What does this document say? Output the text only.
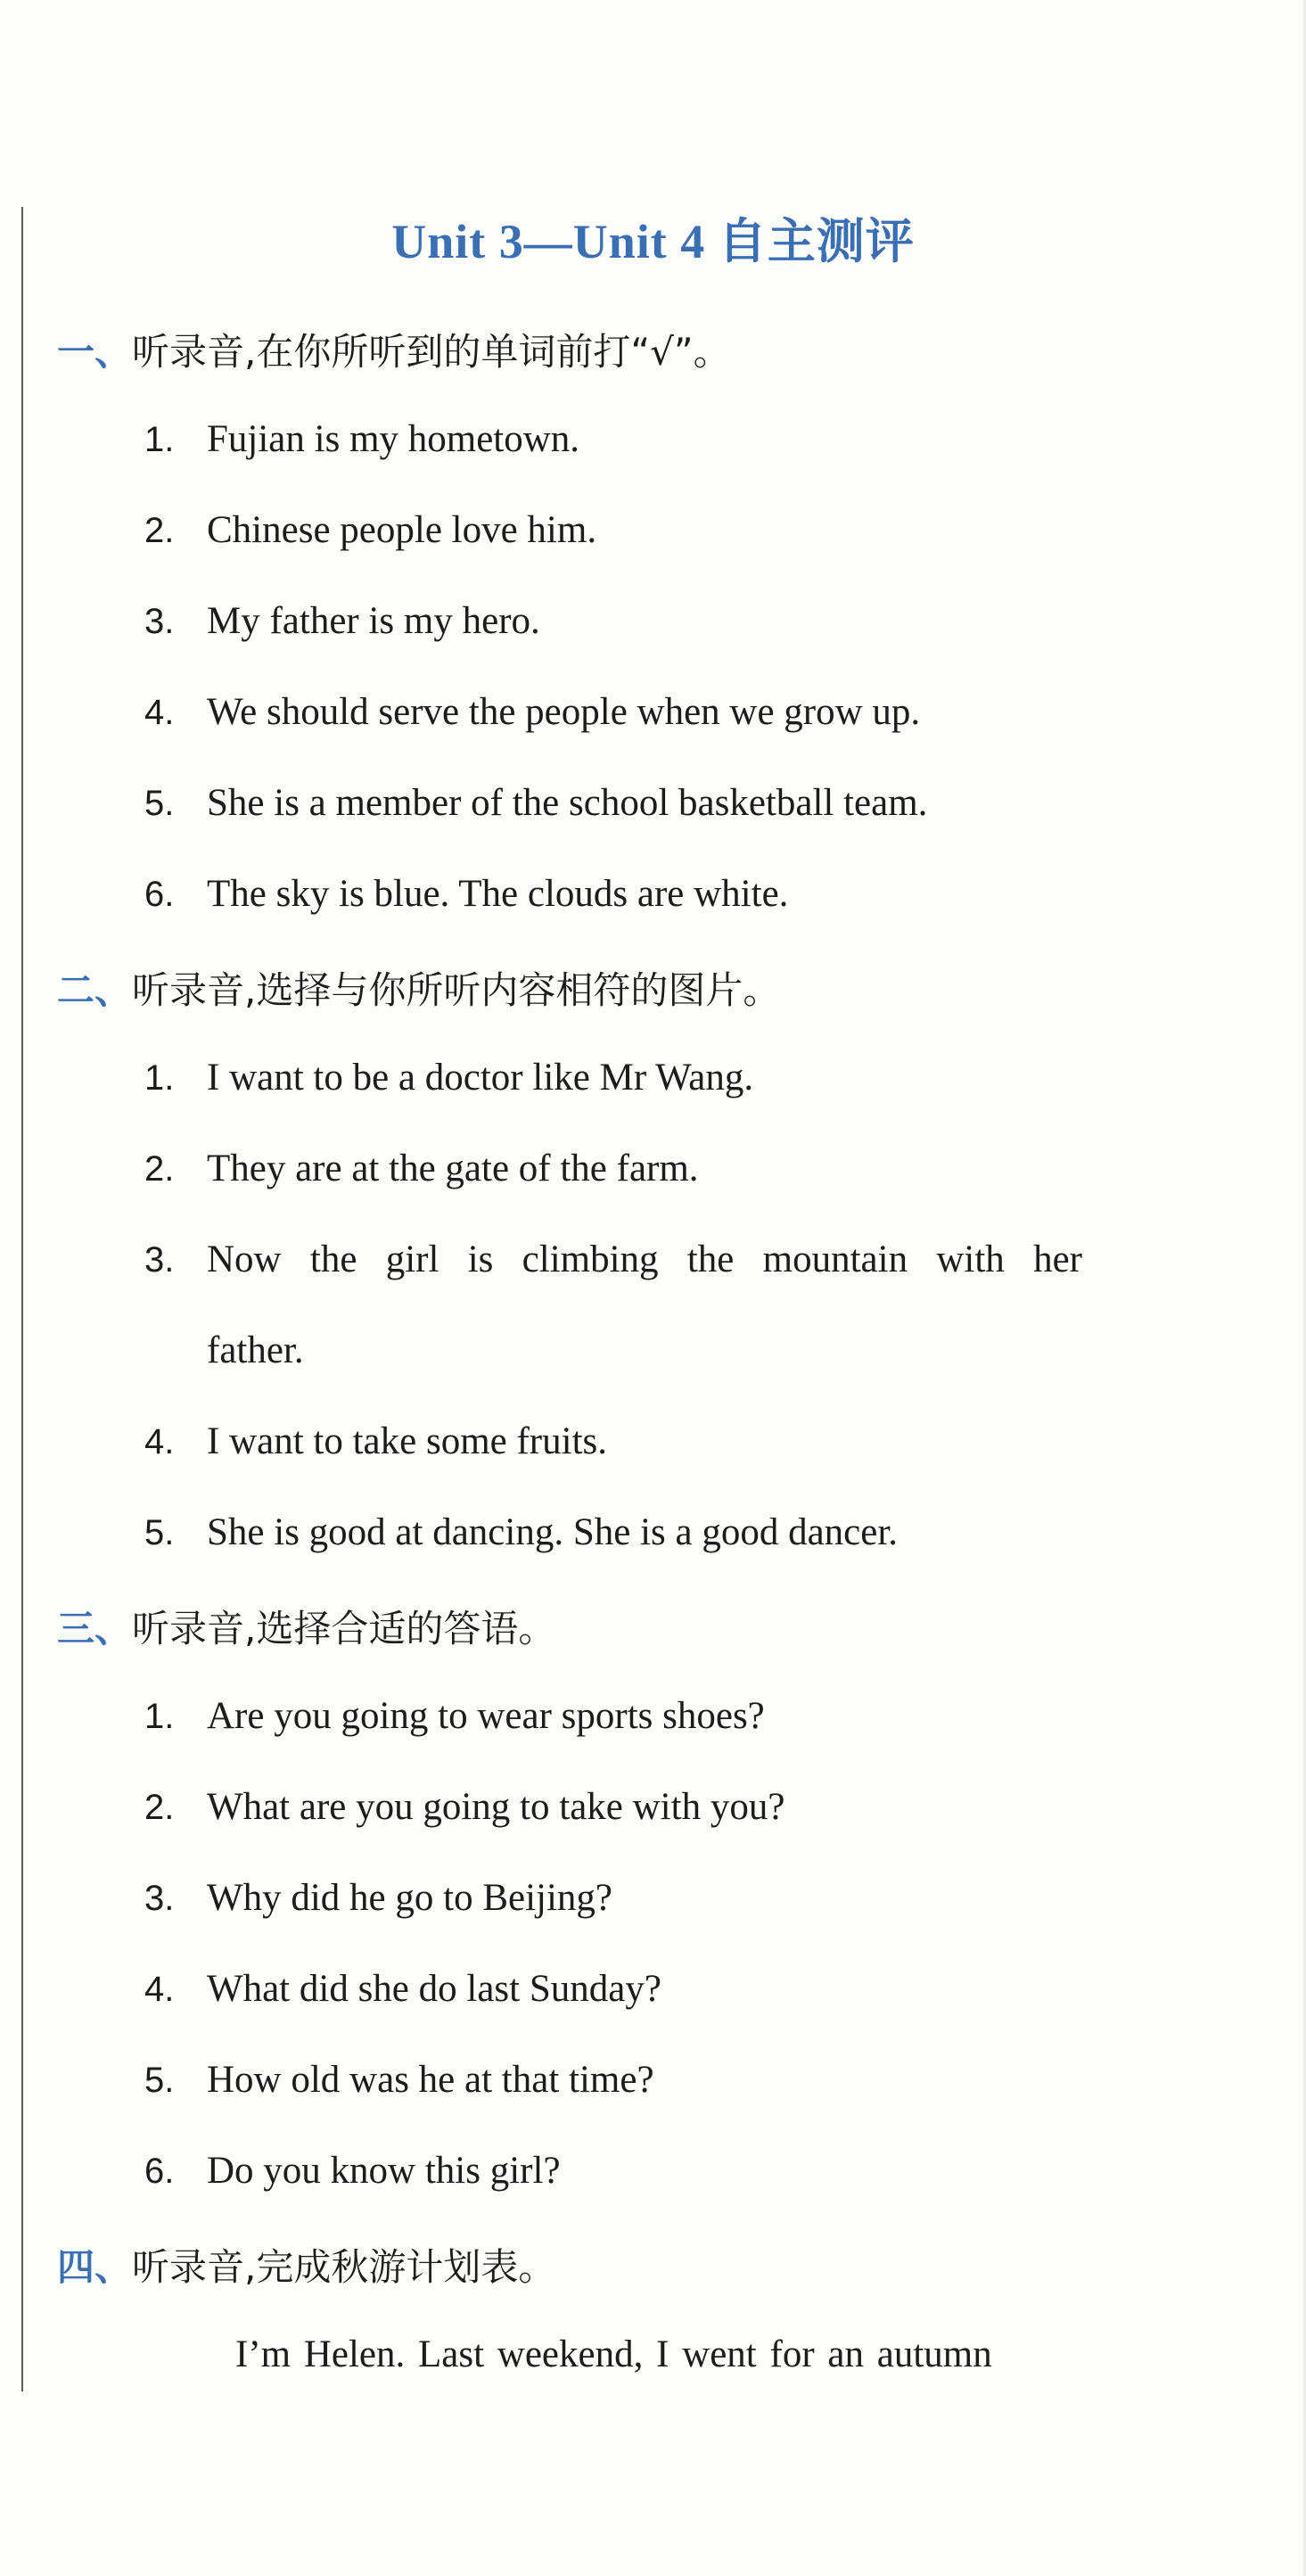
Unit 3—Unit 4 自主测评
一、听录音,在你所听到的单词前打“√”。
1. Fujian is my hometown.
2. Chinese people love him.
3. My father is my hero.
4. We should serve the people when we grow up.
5. She is a member of the school basketball team.
6. The sky is blue. The clouds are white.
二、听录音,选择与你所听内容相符的图片。
1. I want to be a doctor like Mr Wang.
2. They are at the gate of the farm.
3. Now the girl is climbing the mountain with her
father.
4. I want to take some fruits.
5. She is good at dancing. She is a good dancer.
三、听录音,选择合适的答语。
1. Are you going to wear sports shoes?
2. What are you going to take with you?
3. Why did he go to Beijing?
4. What did she do last Sunday?
5. How old was he at that time?
6. Do you know this girl?
四、听录音,完成秋游计划表。
I’m Helen. Last weekend, I went for an autumn
